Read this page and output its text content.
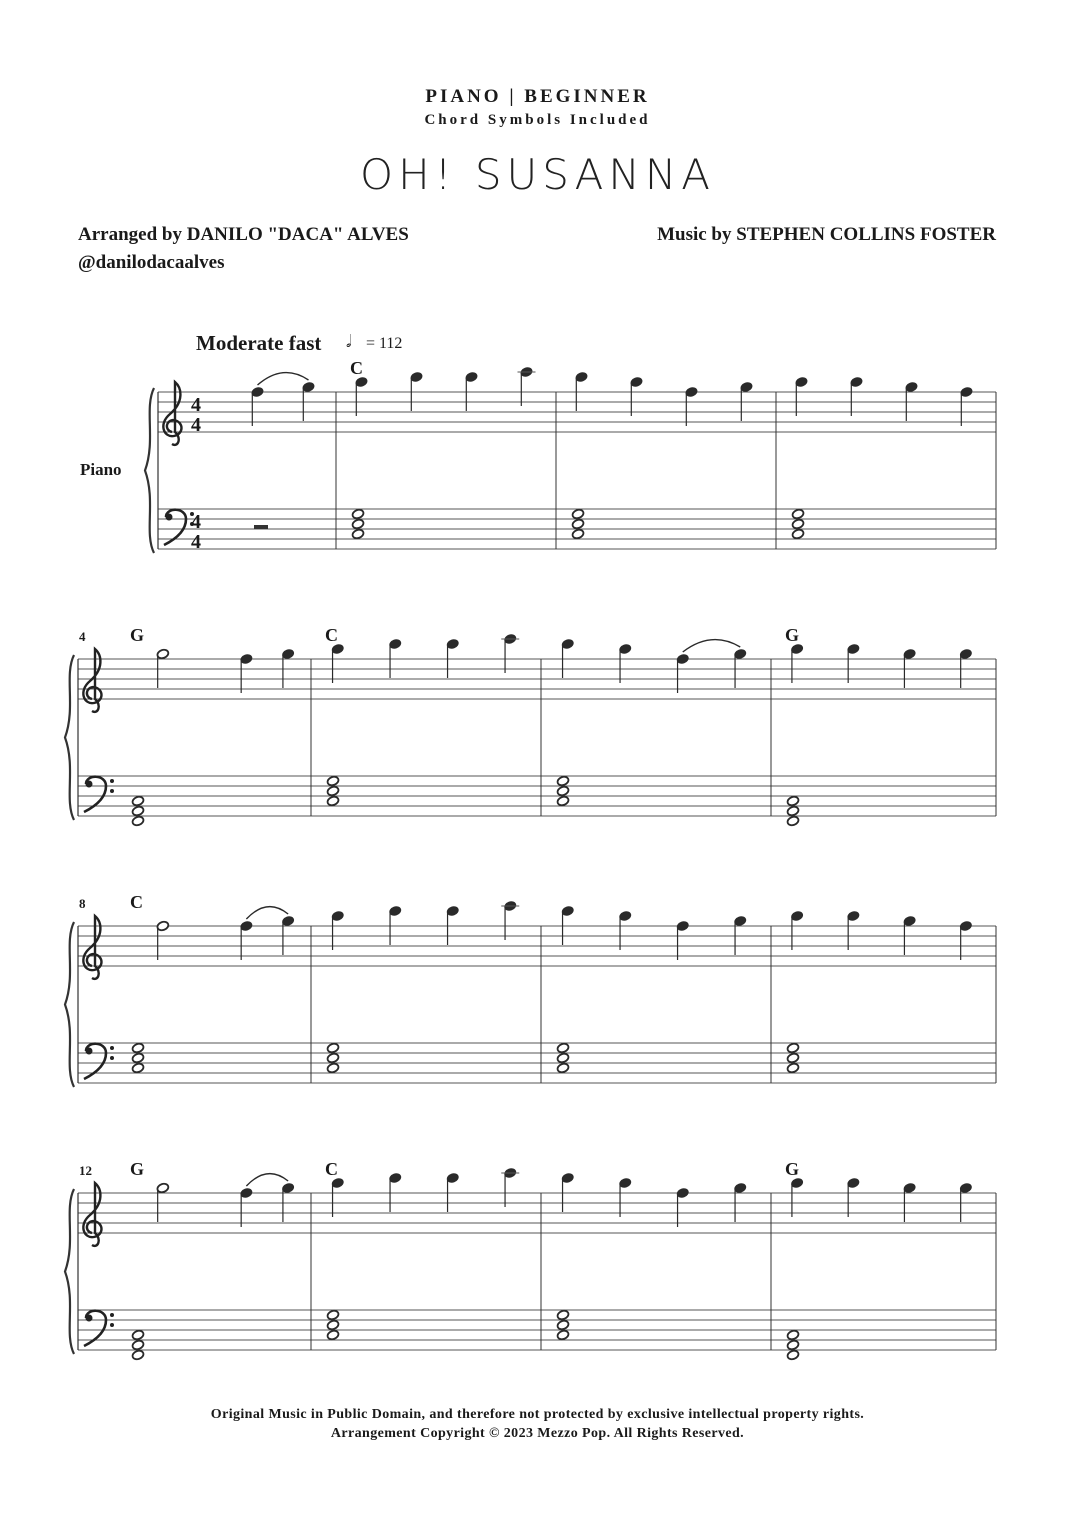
PIANO | BEGINNER
Chord Symbols Included
OH! SUSANNA
Arranged by DANILO "DACA" ALVES
@danilodacaalves
Music by STEPHEN COLLINS FOSTER
Moderate fast 𝅗𝅥 = 112
4
4
4
4
Piano
C
4 G	C	G
8 C
12 G	C	G
Original Music in Public Domain, and therefore not protected by exclusive intellectual property rights.
Arrangement Copyright © 2023 Mezzo Pop. All Rights Reserved.
